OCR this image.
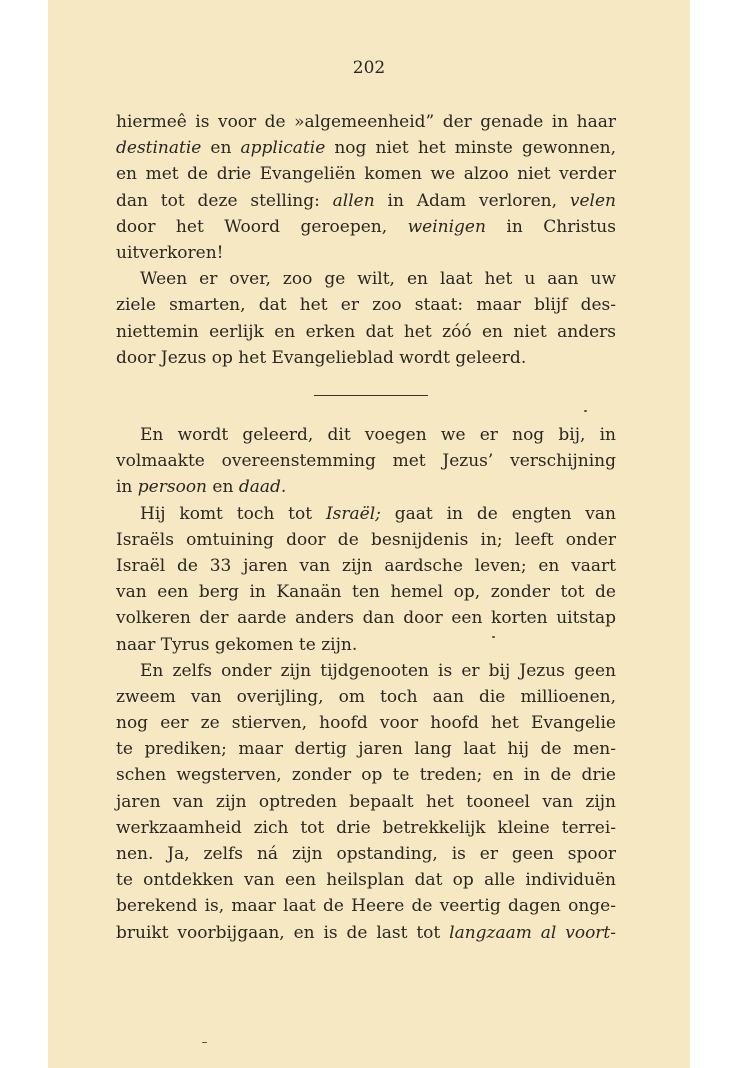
202
hiermeê is voor de »algemeenheid” der genade in haar
destinatie en applicatie nog niet het minste gewonnen,
en met de drie Evangeliën komen we alzoo niet verder
dan tot deze stelling: allen in Adam verloren, velen
door het Woord geroepen, weinigen in Christus
uitverkoren!
Ween er over, zoo ge wilt, en laat het u aan uw
ziele smarten, dat het er zoo staat: maar blijf des-
niettemin eerlijk en erken dat het zóó en niet anders
door Jezus op het Evangelieblad wordt geleerd.
En wordt geleerd, dit voegen we er nog bij, in
volmaakte overeenstemming met Jezus’ verschijning
in persoon en daad.
Hij komt toch tot Israël; gaat in de engten van
Israëls omtuining door de besnijdenis in; leeft onder
Israël de 33 jaren van zijn aardsche leven; en vaart
van een berg in Kanaän ten hemel op, zonder tot de
volkeren der aarde anders dan door een korten uitstap
naar Tyrus gekomen te zijn.
En zelfs onder zijn tijdgenooten is er bij Jezus geen
zweem van overijling, om toch aan die millioenen,
nog eer ze stierven, hoofd voor hoofd het Evangelie
te prediken; maar dertig jaren lang laat hij de men-
schen wegsterven, zonder op te treden; en in de drie
jaren van zijn optreden bepaalt het tooneel van zijn
werkzaamheid zich tot drie betrekkelijk kleine terrei-
nen. Ja, zelfs ná zijn opstanding, is er geen spoor
te ontdekken van een heilsplan dat op alle individuën
berekend is, maar laat de Heere de veertig dagen onge-
bruikt voorbijgaan, en is de last tot langzaam al voort-
